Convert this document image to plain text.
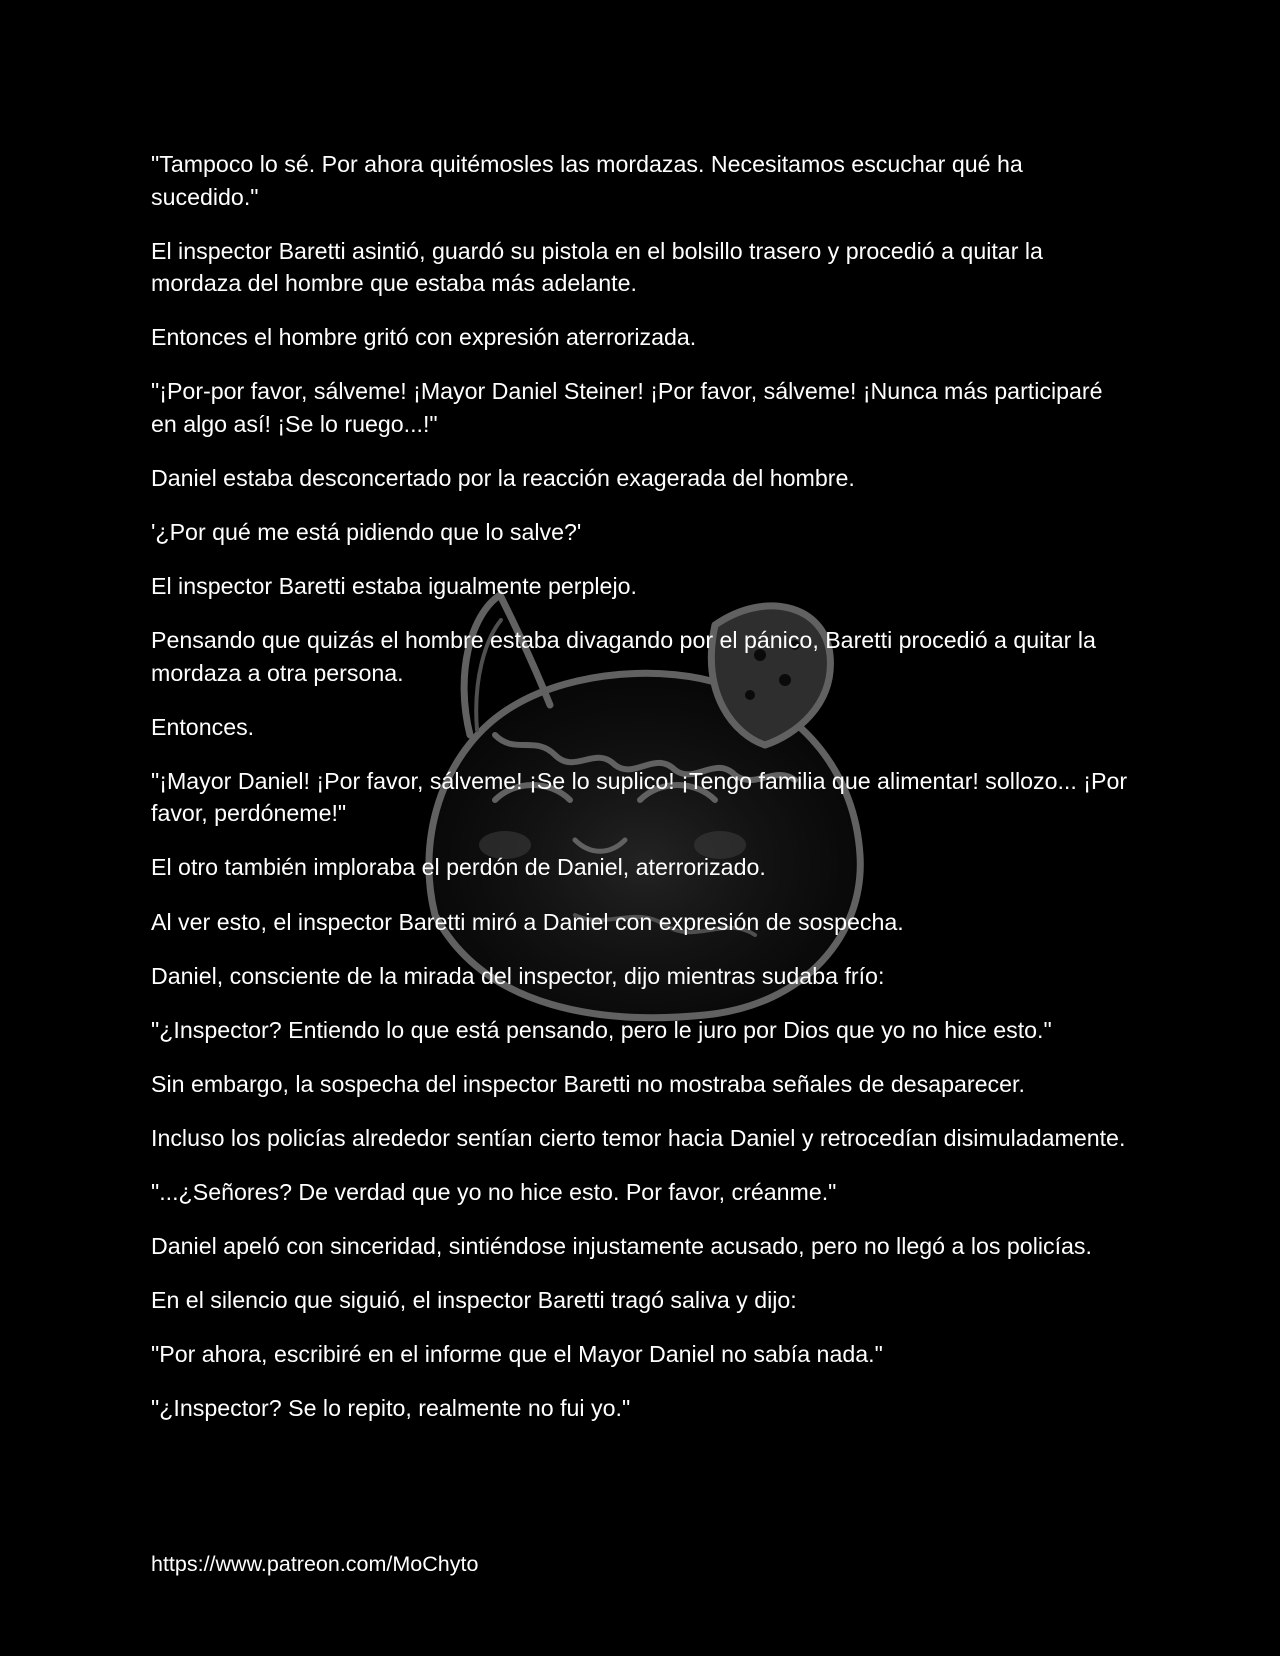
"Tampoco lo sé. Por ahora quitémosles las mordazas. Necesitamos escuchar qué ha sucedido."

El inspector Baretti asintió, guardó su pistola en el bolsillo trasero y procedió a quitar la mordaza del hombre que estaba más adelante.

Entonces el hombre gritó con expresión aterrorizada.

"¡Por-por favor, sálveme! ¡Mayor Daniel Steiner! ¡Por favor, sálveme! ¡Nunca más participaré en algo así! ¡Se lo ruego...!"

Daniel estaba desconcertado por la reacción exagerada del hombre.

'¿Por qué me está pidiendo que lo salve?'

El inspector Baretti estaba igualmente perplejo.

Pensando que quizás el hombre estaba divagando por el pánico, Baretti procedió a quitar la mordaza a otra persona.

Entonces.

"¡Mayor Daniel! ¡Por favor, sálveme! ¡Se lo suplico! ¡Tengo familia que alimentar! sollozo... ¡Por favor, perdóneme!"

El otro también imploraba el perdón de Daniel, aterrorizado.

Al ver esto, el inspector Baretti miró a Daniel con expresión de sospecha.

Daniel, consciente de la mirada del inspector, dijo mientras sudaba frío:

"¿Inspector? Entiendo lo que está pensando, pero le juro por Dios que yo no hice esto."

Sin embargo, la sospecha del inspector Baretti no mostraba señales de desaparecer.

Incluso los policías alrededor sentían cierto temor hacia Daniel y retrocedían disimuladamente.

"...¿Señores? De verdad que yo no hice esto. Por favor, créanme."

Daniel apeló con sinceridad, sintiéndose injustamente acusado, pero no llegó a los policías.

En el silencio que siguió, el inspector Baretti tragó saliva y dijo:

"Por ahora, escribiré en el informe que el Mayor Daniel no sabía nada."

"¿Inspector? Se lo repito, realmente no fui yo."

https://www.patreon.com/MoChyto
